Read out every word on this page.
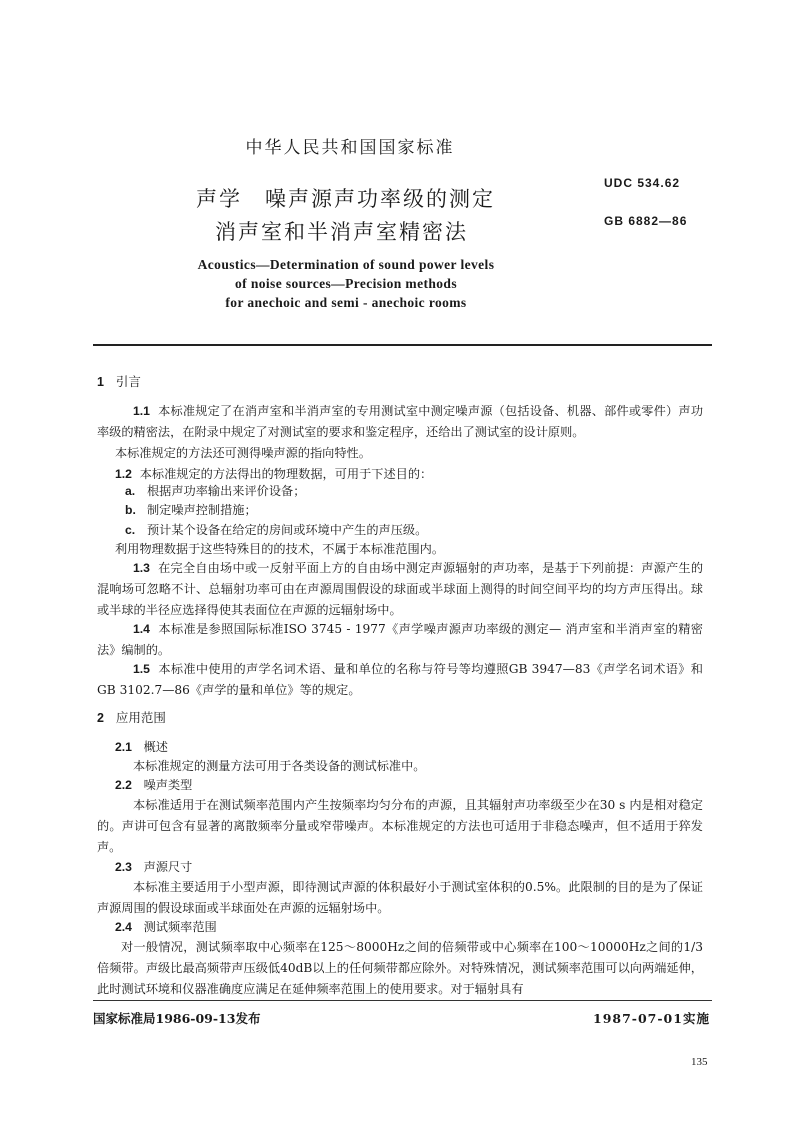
中华人民共和国国家标准
声学　噪声源声功率级的测定
消声室和半消声室精密法
UDC 534.62
GB 6882—86
Acoustics—Determination of sound power levels
of noise sources—Precision methods
for anechoic and semi - anechoic rooms
1 引言
1.1 本标准规定了在消声室和半消声室的专用测试室中测定噪声源（包括设备、机器、部件或零件）声功率级的精密法，在附录中规定了对测试室的要求和鉴定程序，还给出了测试室的设计原则。
本标准规定的方法还可测得噪声源的指向特性。
1.2 本标准规定的方法得出的物理数据，可用于下述目的：
a. 根据声功率输出来评价设备；
b. 制定噪声控制措施；
c. 预计某个设备在给定的房间或环境中产生的声压级。
利用物理数据于这些特殊目的的技术，不属于本标准范围内。
1.3 在完全自由场中或一反射平面上方的自由场中测定声源辐射的声功率，是基于下列前提：声源产生的混响场可忽略不计、总辐射功率可由在声源周围假设的球面或半球面上测得的时间空间平均的均方声压得出。球或半球的半径应选择得使其表面位在声源的远辐射场中。
1.4 本标准是参照国际标准ISO 3745 - 1977《声学噪声源声功率级的测定— 消声室和半消声室的精密法》编制的。
1.5 本标准中使用的声学名词术语、量和单位的名称与符号等均遵照GB 3947—83《声学名词术语》和GB 3102.7—86《声学的量和单位》等的规定。
2 应用范围
2.1 概述
本标准规定的测量方法可用于各类设备的测试标准中。
2.2 噪声类型
本标准适用于在测试频率范围内产生按频率均匀分布的声源，且其辐射声功率级至少在30 s 内是相对稳定的。声讲可包含有显著的离散频率分量或窄带噪声。本标准规定的方法也可适用于非稳态噪声，但不适用于猝发声。
2.3 声源尺寸
本标准主要适用于小型声源，即待测试声源的体积最好小于测试室体积的0.5%。此限制的目的是为了保证声源周围的假设球面或半球面处在声源的远辐射场中。
2.4 测试频率范围
对一般情况，测试频率取中心频率在125～8000Hz之间的倍频带或中心频率在100～10000Hz之间的1/3倍频带。声级比最高频带声压级低40dB以上的任何频带都应除外。对特殊情况，测试频率范围可以向两端延伸，此时测试环境和仪器准确度应满足在延伸频率范围上的使用要求。对于辐射具有
国家标准局1986-09-13发布	1987-07-01实施
135
